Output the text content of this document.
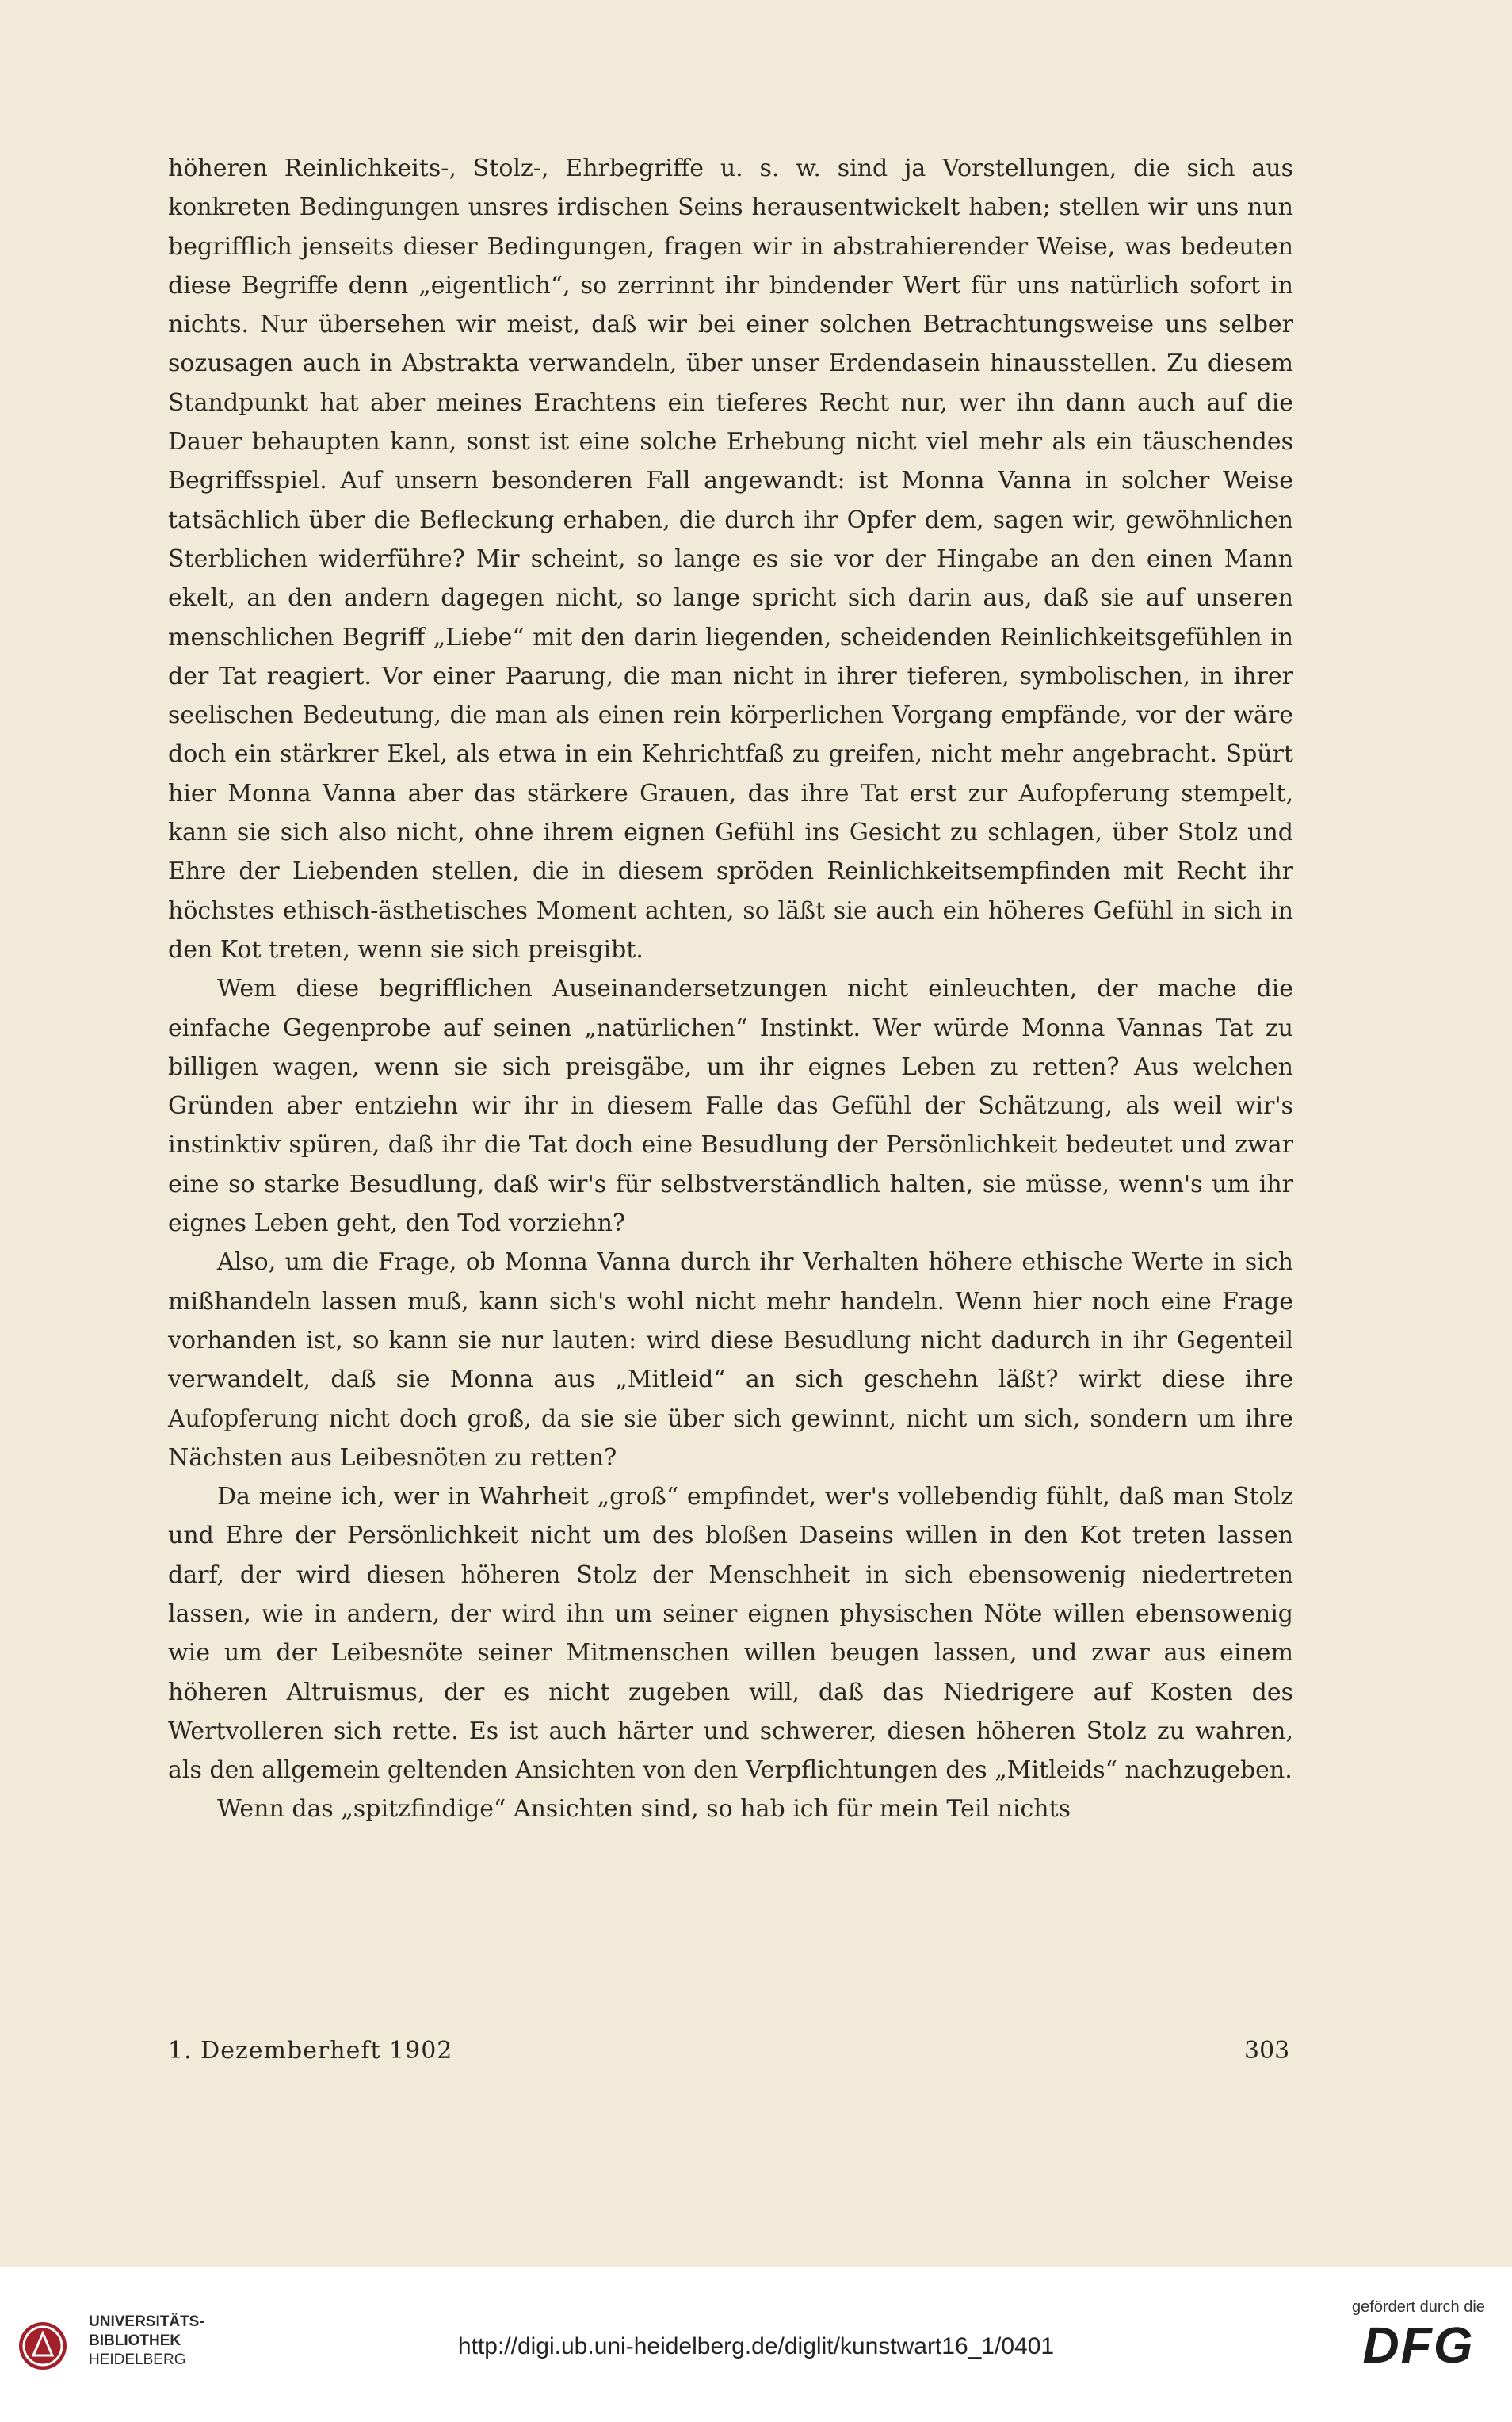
höheren Reinlichkeits-, Stolz-, Ehrbegriffe u. s. w. sind ja Vorstellungen, die sich aus konkreten Bedingungen unsres irdischen Seins herausentwickelt haben; stellen wir uns nun begrifflich jenseits dieser Bedingungen, fragen wir in abstrahierender Weise, was bedeuten diese Begriffe denn „eigentlich“, so zerrinnt ihr bindender Wert für uns natürlich sofort in nichts. Nur übersehen wir meist, daß wir bei einer solchen Betrachtungsweise uns selber sozusagen auch in Abstrakta verwandeln, über unser Erdendasein hinausstellen. Zu diesem Standpunkt hat aber meines Erachtens ein tieferes Recht nur, wer ihn dann auch auf die Dauer behaupten kann, sonst ist eine solche Erhebung nicht viel mehr als ein täuschendes Begriffsspiel. Auf unsern besonderen Fall angewandt: ist Monna Vanna in solcher Weise tatsächlich über die Befleckung erhaben, die durch ihr Opfer dem, sagen wir, gewöhnlichen Sterblichen widerführe? Mir scheint, so lange es sie vor der Hingabe an den einen Mann ekelt, an den andern dagegen nicht, so lange spricht sich darin aus, daß sie auf unseren menschlichen Begriff „Liebe“ mit den darin liegenden, scheidenden Reinlichkeitsgefühlen in der Tat reagiert. Vor einer Paarung, die man nicht in ihrer tieferen, symbolischen, in ihrer seelischen Bedeutung, die man als einen rein körperlichen Vorgang empfände, vor der wäre doch ein stärkrer Ekel, als etwa in ein Kehrichtfaß zu greifen, nicht mehr angebracht. Spürt hier Monna Vanna aber das stärkere Grauen, das ihre Tat erst zur Aufopferung stempelt, kann sie sich also nicht, ohne ihrem eignen Gefühl ins Gesicht zu schlagen, über Stolz und Ehre der Liebenden stellen, die in diesem spröden Reinlichkeitsempfinden mit Recht ihr höchstes ethisch-ästhetisches Moment achten, so läßt sie auch ein höheres Gefühl in sich in den Kot treten, wenn sie sich preisgibt.

Wem diese begrifflichen Auseinandersetzungen nicht einleuchten, der mache die einfache Gegenprobe auf seinen „natürlichen“ Instinkt. Wer würde Monna Vannas Tat zu billigen wagen, wenn sie sich preisgäbe, um ihr eignes Leben zu retten? Aus welchen Gründen aber entziehn wir ihr in diesem Falle das Gefühl der Schätzung, als weil wir's instinktiv spüren, daß ihr die Tat doch eine Besudlung der Persönlichkeit bedeutet und zwar eine so starke Besudlung, daß wir's für selbstverständlich halten, sie müsse, wenn's um ihr eignes Leben geht, den Tod vorziehn?

Also, um die Frage, ob Monna Vanna durch ihr Verhalten höhere ethische Werte in sich mißhandeln lassen muß, kann sich's wohl nicht mehr handeln. Wenn hier noch eine Frage vorhanden ist, so kann sie nur lauten: wird diese Besudlung nicht dadurch in ihr Gegenteil verwandelt, daß sie Monna aus „Mitleid“ an sich geschehn läßt? wirkt diese ihre Aufopferung nicht doch groß, da sie sie über sich gewinnt, nicht um sich, sondern um ihre Nächsten aus Leibesnöten zu retten?

Da meine ich, wer in Wahrheit „groß“ empfindet, wer's vollebendig fühlt, daß man Stolz und Ehre der Persönlichkeit nicht um des bloßen Daseins willen in den Kot treten lassen darf, der wird diesen höheren Stolz der Menschheit in sich ebensowenig niedertreten lassen, wie in andern, der wird ihn um seiner eignen physischen Nöte willen ebensowenig wie um der Leibesnöte seiner Mitmenschen willen beugen lassen, und zwar aus einem höheren Altruismus, der es nicht zugeben will, daß das Niedrigere auf Kosten des Wertvolleren sich rette. Es ist auch härter und schwerer, diesen höheren Stolz zu wahren, als den allgemein geltenden Ansichten von den Verpflichtungen des „Mitleids“ nachzugeben.

Wenn das „spitzfindige“ Ansichten sind, so hab ich für mein Teil nichts

1. Dezemberheft 1902	303
UNIVERSITÄTS-
BIBLIOTHEK
HEIDELBERG
http://digi.ub.uni-heidelberg.de/diglit/kunstwart16_1/0401
gefördert durch die
DFG
